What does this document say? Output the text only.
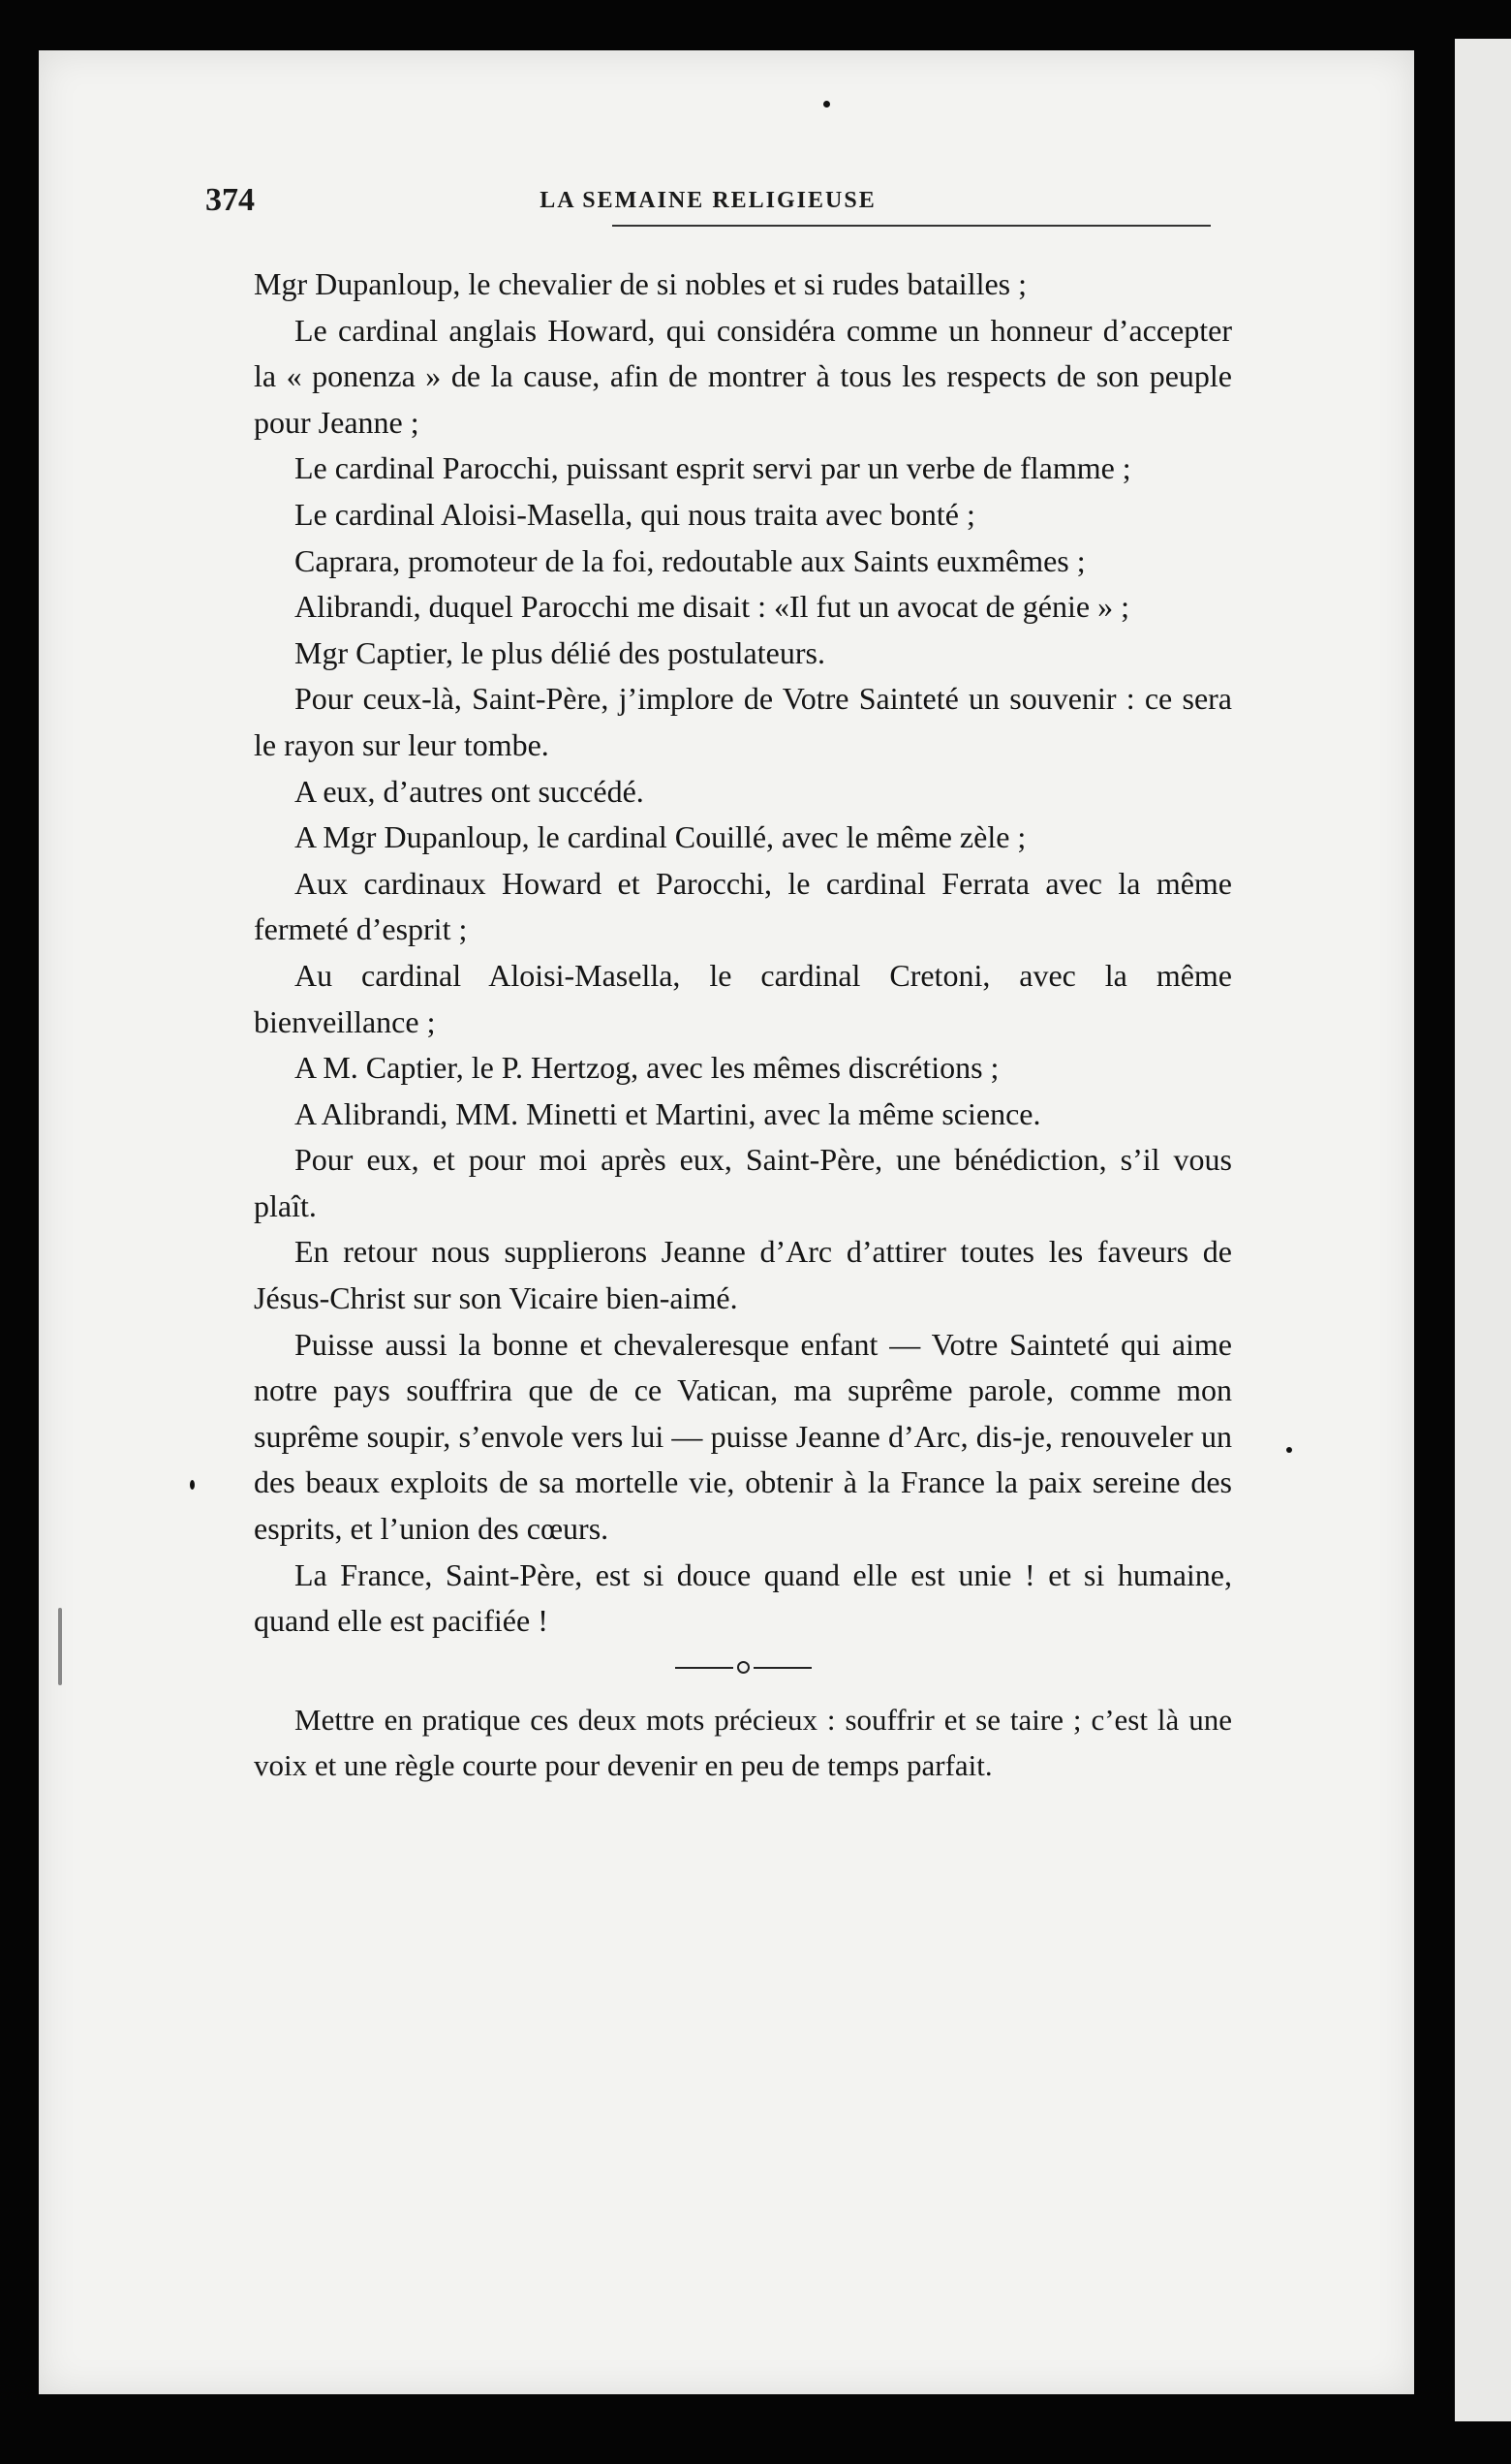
374	LA SEMAINE RELIGIEUSE

Mgr Dupanloup, le chevalier de si nobles et si rudes batailles ;

Le cardinal anglais Howard, qui considéra comme un honneur d’accepter la « ponenza » de la cause, afin de montrer à tous les respects de son peuple pour Jeanne ;

Le cardinal Parocchi, puissant esprit servi par un verbe de flamme ;

Le cardinal Aloisi-Masella, qui nous traita avec bonté ;

Caprara, promoteur de la foi, redoutable aux Saints euxmêmes ;

Alibrandi, duquel Parocchi me disait : «Il fut un avocat de génie » ;

Mgr Captier, le plus délié des postulateurs.

Pour ceux-là, Saint-Père, j’implore de Votre Sainteté un souvenir : ce sera le rayon sur leur tombe.

A eux, d’autres ont succédé.

A Mgr Dupanloup, le cardinal Couillé, avec le même zèle ;

Aux cardinaux Howard et Parocchi, le cardinal Ferrata avec la même fermeté d’esprit ;

Au cardinal Aloisi-Masella, le cardinal Cretoni, avec la même bienveillance ;

A M. Captier, le P. Hertzog, avec les mêmes discrétions ;

A Alibrandi, MM. Minetti et Martini, avec la même science.

Pour eux, et pour moi après eux, Saint-Père, une bénédiction, s’il vous plaît.

En retour nous supplierons Jeanne d’Arc d’attirer toutes les faveurs de Jésus-Christ sur son Vicaire bien-aimé.

Puisse aussi la bonne et chevaleresque enfant — Votre Sainteté qui aime notre pays souffrira que de ce Vatican, ma suprême parole, comme mon suprême soupir, s’envole vers lui — puisse Jeanne d’Arc, dis-je, renouveler un des beaux exploits de sa mortelle vie, obtenir à la France la paix sereine des esprits, et l’union des cœurs.

La France, Saint-Père, est si douce quand elle est unie ! et si humaine, quand elle est pacifiée !

Mettre en pratique ces deux mots précieux : souffrir et se taire ; c’est là une voix et une règle courte pour devenir en peu de temps parfait.
